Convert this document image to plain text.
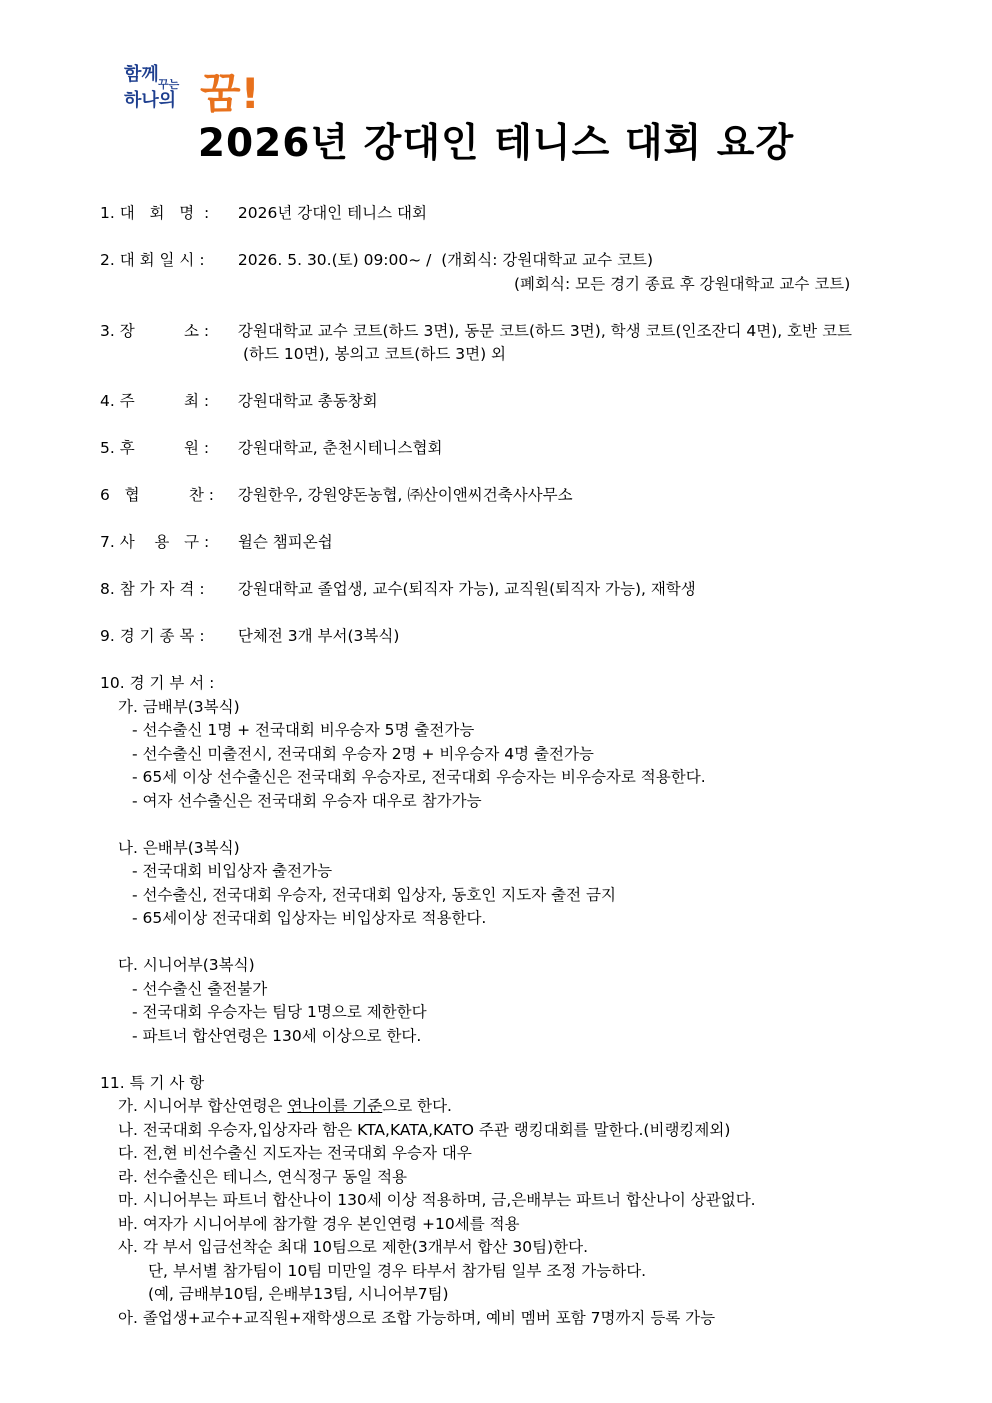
함께 꾸는
하나의 꿈!
2026년 강대인 테니스 대회 요강
1. 대   회   명  :	2026년 강대인 테니스 대회
2. 대 회 일 시 :	2026. 5. 30.(토) 09:00~ /  (개회식: 강원대학교 교수 코트)
(폐회식: 모든 경기 종료 후 강원대학교 교수 코트)
3. 장          소 :	강원대학교 교수 코트(하드 3면), 동문 코트(하드 3면), 학생 코트(인조잔디 4면), 호반 코트
(하드 10면), 봉의고 코트(하드 3면) 외
4. 주          최 :	강원대학교 총동창회
5. 후          원 :	강원대학교, 춘천시테니스협회
6   협          찬 :	강원한우, 강원양돈농협, ㈜산이앤씨건축사사무소
7. 사    용   구 :	윌슨 챔피온쉽
8. 참 가 자 격 :	강원대학교 졸업생, 교수(퇴직자 가능), 교직원(퇴직자 가능), 재학생
9. 경 기 종 목 :	단체전 3개 부서(3복식)
10. 경 기 부 서 :
가. 금배부(3복식)
- 선수출신 1명 + 전국대회 비우승자 5명 출전가능
- 선수출신 미출전시, 전국대회 우승자 2명 + 비우승자 4명 출전가능
- 65세 이상 선수출신은 전국대회 우승자로, 전국대회 우승자는 비우승자로 적용한다.
- 여자 선수출신은 전국대회 우승자 대우로 참가가능
나. 은배부(3복식)
- 전국대회 비입상자 출전가능
- 선수출신, 전국대회 우승자, 전국대회 입상자, 동호인 지도자 출전 금지
- 65세이상 전국대회 입상자는 비입상자로 적용한다.
다. 시니어부(3복식)
- 선수출신 출전불가
- 전국대회 우승자는 팀당 1명으로 제한한다
- 파트너 합산연령은 130세 이상으로 한다.
11. 특 기 사 항
가. 시니어부 합산연령은 연나이를 기준으로 한다.
나. 전국대회 우승자,입상자라 함은 KTA,KATA,KATO 주관 랭킹대회를 말한다.(비랭킹제외)
다. 전,현 비선수출신 지도자는 전국대회 우승자 대우
라. 선수출신은 테니스, 연식정구 동일 적용
마. 시니어부는 파트너 합산나이 130세 이상 적용하며, 금,은배부는 파트너 합산나이 상관없다.
바. 여자가 시니어부에 참가할 경우 본인연령 +10세를 적용
사. 각 부서 입금선착순 최대 10팀으로 제한(3개부서 합산 30팀)한다.
단, 부서별 참가팀이 10팀 미만일 경우 타부서 참가팀 일부 조정 가능하다.
(예, 금배부10팀, 은배부13팀, 시니어부7팀)
아. 졸업생+교수+교직원+재학생으로 조합 가능하며, 예비 멤버 포함 7명까지 등록 가능
